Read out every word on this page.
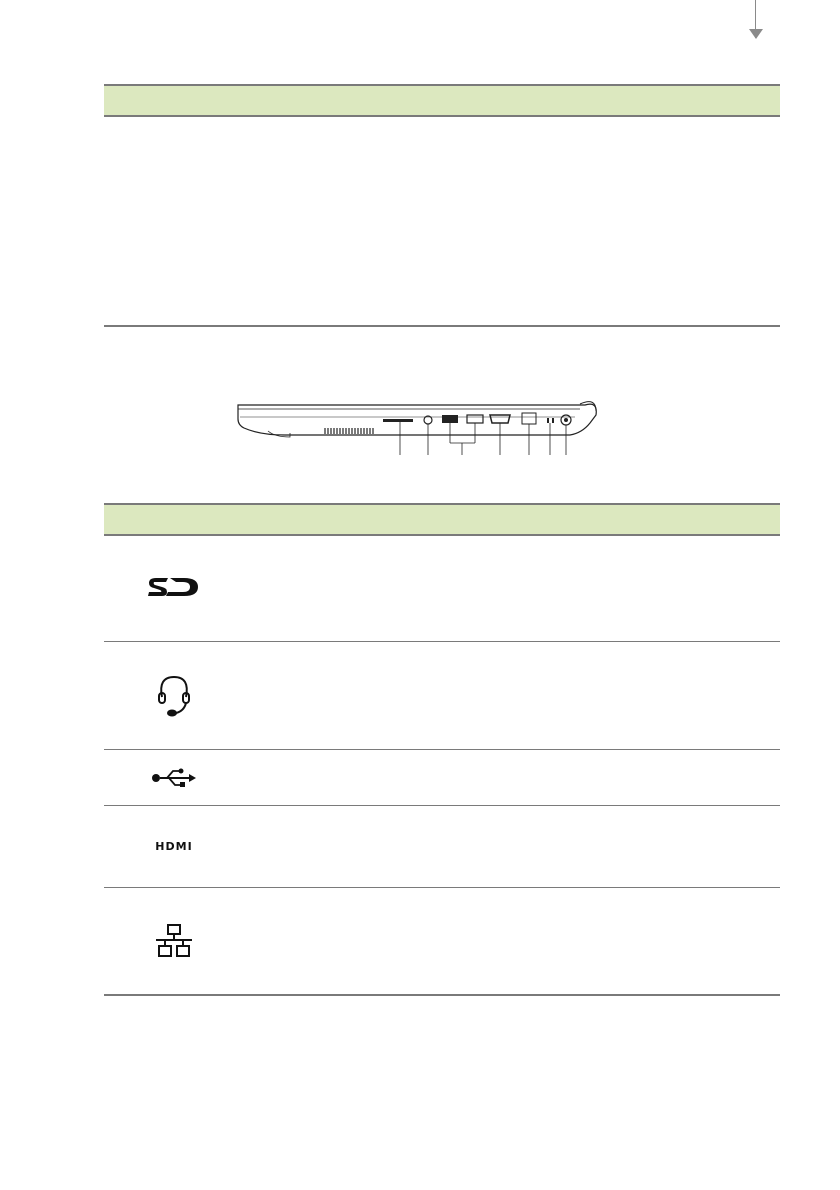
HDMI
